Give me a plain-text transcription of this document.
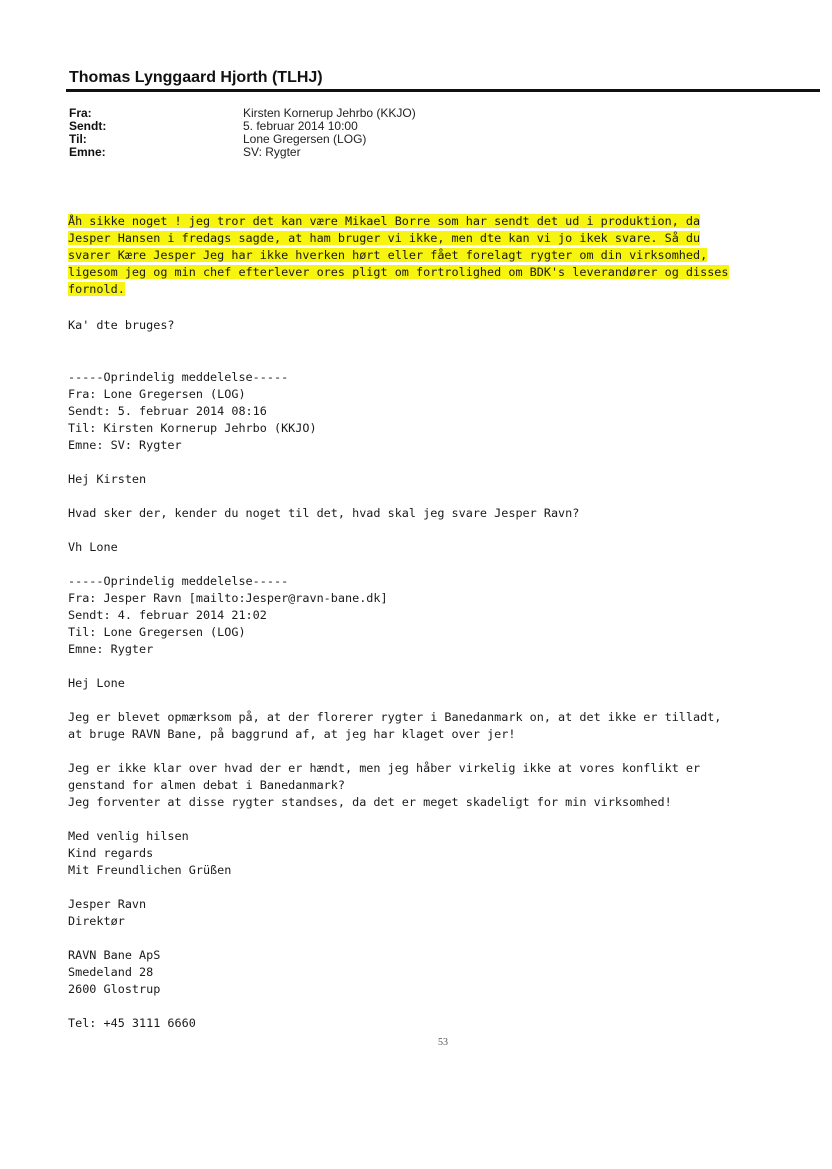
Thomas Lynggaard Hjorth (TLHJ)
Fra:	Kirsten Kornerup Jehrbo (KKJO)
Sendt:	5. februar 2014 10:00
Til:	Lone Gregersen (LOG)
Emne:	SV: Rygter

Åh sikke noget ! jeg tror det kan være Mikael Borre som har sendt det ud i produktion, da
Jesper Hansen i fredags sagde, at ham bruger vi ikke, men dte kan vi jo ikek svare. Så du
svarer Kære Jesper Jeg har ikke hverken hørt eller fået forelagt rygter om din virksomhed,
ligesom jeg og min chef efterlever ores pligt om fortrolighed om BDK's leverandører og disses
fornold.
Ka' dte bruges?
-----Oprindelig meddelelse-----
Fra: Lone Gregersen (LOG)
Sendt: 5. februar 2014 08:16
Til: Kirsten Kornerup Jehrbo (KKJO)
Emne: SV: Rygter

Hej Kirsten

Hvad sker der, kender du noget til det, hvad skal jeg svare Jesper Ravn?

Vh Lone
-----Oprindelig meddelelse-----
Fra: Jesper Ravn [mailto:Jesper@ravn-bane.dk]
Sendt: 4. februar 2014 21:02
Til: Lone Gregersen (LOG)
Emne: Rygter

Hej Lone

Jeg er blevet opmærksom på, at der florerer rygter i Banedanmark on, at det ikke er tilladt,
at bruge RAVN Bane, på baggrund af, at jeg har klaget over jer!

Jeg er ikke klar over hvad der er hændt, men jeg håber virkelig ikke at vores konflikt er
genstand for almen debat i Banedanmark?
Jeg forventer at disse rygter standses, da det er meget skadeligt for min virksomhed!

Med venlig hilsen
Kind regards
Mit Freundlichen Grüßen

Jesper Ravn
Direktør

RAVN Bane ApS
Smedeland 28
2600 Glostrup

Tel: +45 3111 6660
53
